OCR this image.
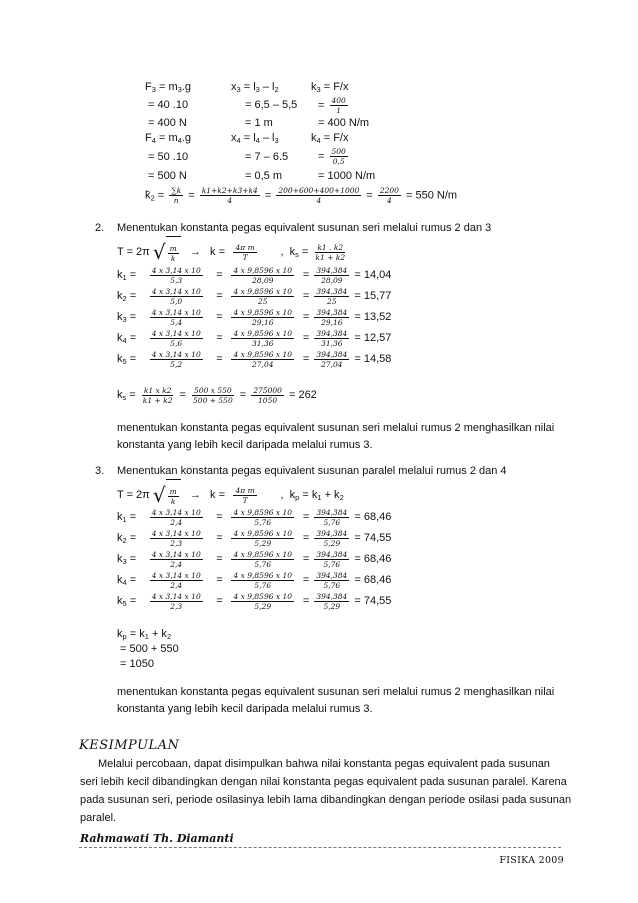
$F_3 = m_3.g$
= 40 .10
= 400 N
$x_3 = l_3 - l_2$
= 6,5 – 5,5
= 1 m
$k_3 = F/x$
= $\frac{400}{1}$
= 400 N/m
$F_4 = m_4.g$
= 50 .10
= 500 N
$x_4 = l_4 - l_3$
= 7 – 6.5
= 0,5 m
$k_4 = F/x$
= $\frac{500}{0,5}$
= 1000 N/m
$k̄_2 = \frac{\sum k}{n} = \frac{k1+k2+k3+k4}{4} = \frac{200+600+400+1000}{4} = \frac{2200}{4} = 550$ N/m
2. Menentukan konstanta pegas equivalent susunan seri melalui rumus 2 dan 3
T = 2π √ $\frac{m}{k} \to k = \frac{\text{4π m}}{T}$ , $k_s = \frac{k1 . k2}{k1 + k2}$
$k_1 = \frac{4 x 3,14 x 10}{5,3} = \frac{4 x 9,8596 x 10}{28,09} = \frac{394,384}{28,09} = 14,04$
$k_2 = \frac{4 x 3,14 x 10}{5,0} = \frac{4 x 9,8596 x 10}{25} = \frac{394,384}{25} = 15,77$
$k_3 = \frac{4 x 3,14 x 10}{5,4} = \frac{4 x 9,8596 x 10}{29,16} = \frac{394,384}{29,16} = 13,52$
$k_4 = \frac{4 x 3,14 x 10}{5,6} = \frac{4 x 9,8596 x 10}{31,36} = \frac{394,384}{31,36} = 12,57$
$k_5 = \frac{4 x 3,14 x 10}{5,2} = \frac{4 x 9,8596 x 10}{27,04} = \frac{394,384}{27,04} = 14,58$
$k_s = \frac{\text{k1 x k2}}{k1 + k2} = \frac{500 x 550}{500 + 550} = \frac{275000}{1050} = 262$
menentukan konstanta pegas equivalent susunan seri melalui rumus 2 menghasilkan nilai
konstanta yang lebih kecil daripada melalui rumus 3.
3. Menentukan konstanta pegas equivalent susunan paralel melalui rumus 2 dan 4
T = 2π √ $\frac{m}{k} \to k = \frac{\text{4π m}}{T}$ , $k_p = k_1 + k_2$
$k_1 = \frac{4 x 3,14 x 10}{2,4} = \frac{4 x 9,8596 x 10}{5,76} = \frac{394,384}{5,76} = 68,46$
$k_2 = \frac{4 x 3,14 x 10}{2,3} = \frac{4 x 9,8596 x 10}{5,29} = \frac{394,384}{5,29} = 74,55$
$k_3 = \frac{4 x 3,14 x 10}{2,4} = \frac{4 x 9,8596 x 10}{5,76} = \frac{394,384}{5,76} = 68,46$
$k_4 = \frac{4 x 3,14 x 10}{2,4} = \frac{4 x 9,8596 x 10}{5,76} = \frac{394,384}{5,76} = 68,46$
$k_5 = \frac{4 x 3,14 x 10}{2,3} = \frac{4 x 9,8596 x 10}{5,29} = \frac{394,384}{5,29} = 74,55$
$k_p = k_1 + k_2$
= 500 + 550
= 1050
menentukan konstanta pegas equivalent susunan seri melalui rumus 2 menghasilkan nilai
konstanta yang lebih kecil daripada melalui rumus 3.
KESIMPULAN
Melalui percobaan, dapat disimpulkan bahwa nilai konstanta pegas equivalent pada susunan
seri lebih kecil dibandingkan dengan nilai konstanta pegas equivalent pada susunan paralel. Karena
pada susunan seri, periode osilasinya lebih lama dibandingkan dengan periode osilasi pada susunan
paralel.
Rahmawati Th. Diamanti
FISIKA 2009
